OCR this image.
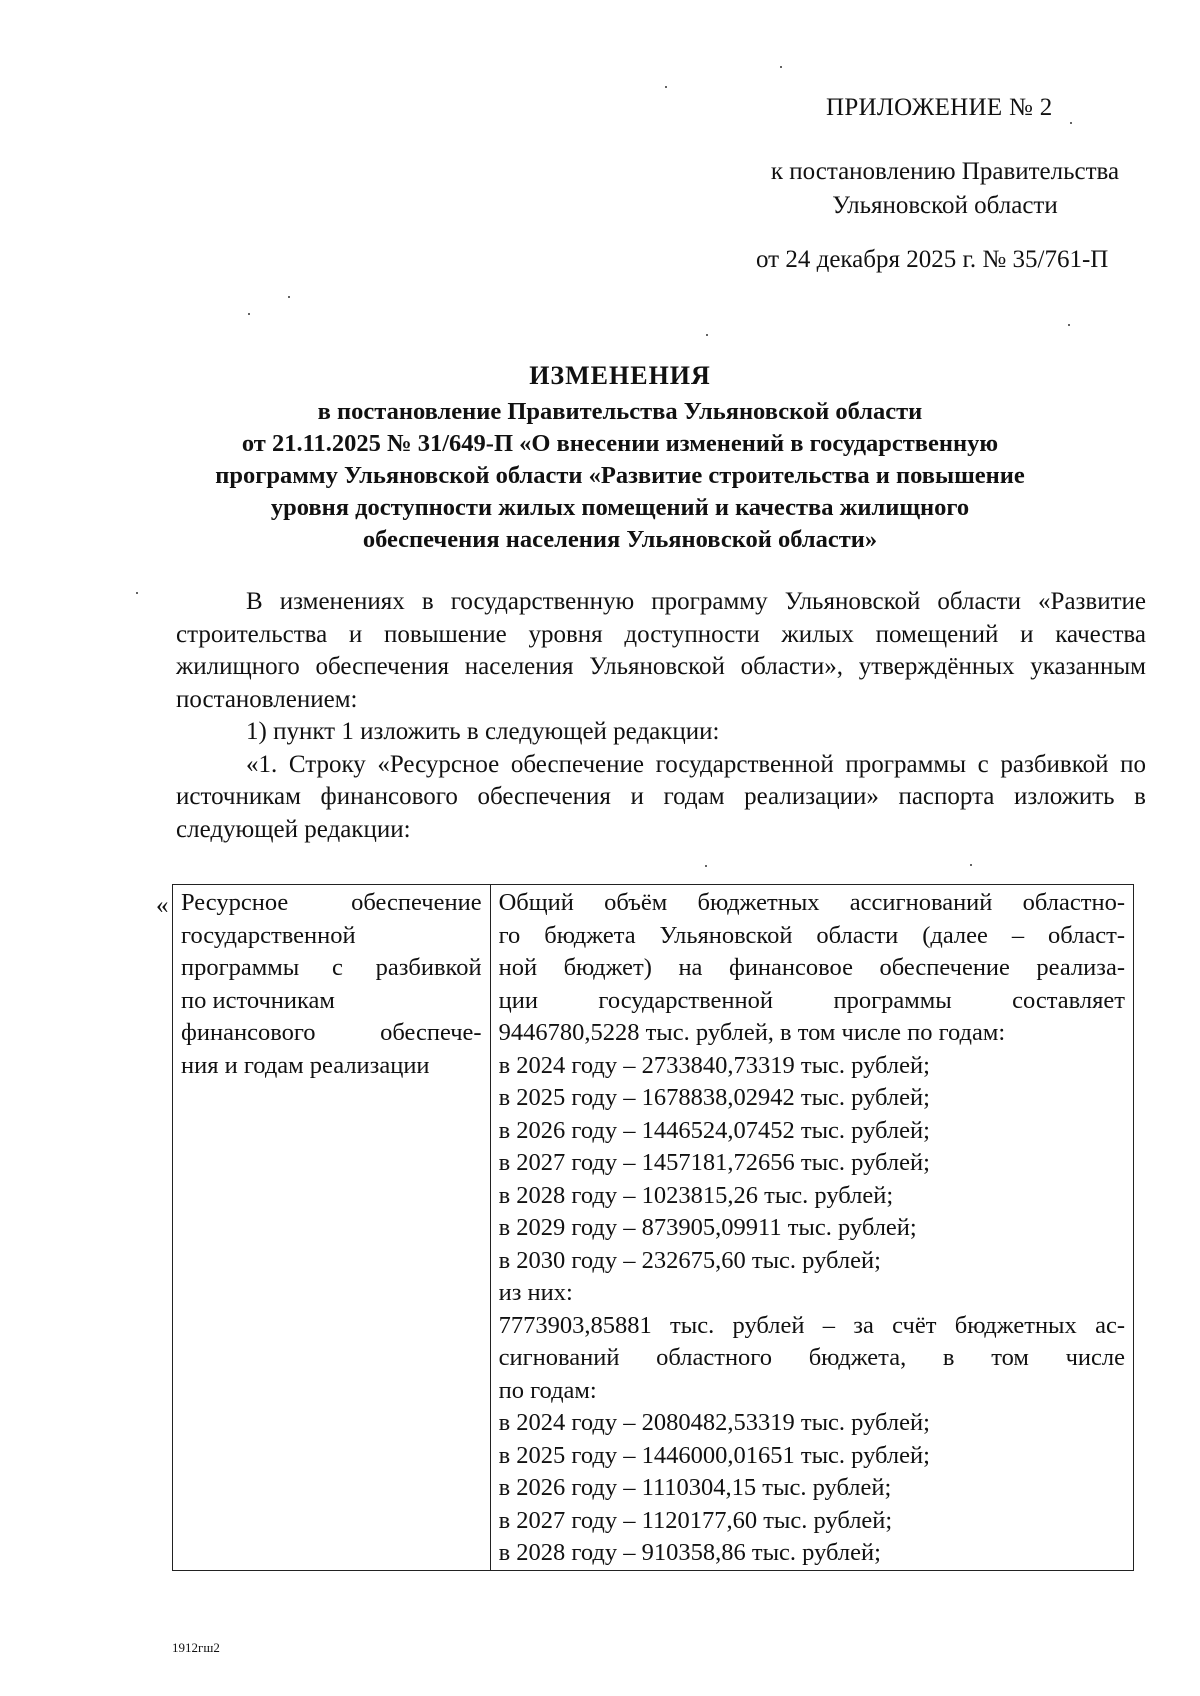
ПРИЛОЖЕНИЕ № 2
к постановлению Правительства
Ульяновской области
от 24 декабря 2025 г. № 35/761-П
ИЗМЕНЕНИЯ
в постановление Правительства Ульяновской области
от 21.11.2025 № 31/649-П «О внесении изменений в государственную
программу Ульяновской области «Развитие строительства и повышение
уровня доступности жилых помещений и качества жилищного
обеспечения населения Ульяновской области»

В изменениях в государственную программу Ульяновской области «Развитие строительства и повышение уровня доступности жилых помещений и качества жилищного обеспечения населения Ульяновской области», утверждённых указанным постановлением:

1) пункт 1 изложить в следующей редакции:

«1. Строку «Ресурсное обеспечение государственной программы с разбивкой по источникам финансового обеспечения и годам реализации» паспорта изложить в следующей редакции:

« Ресурсное обеспечение
государственной
программы с разбивкой
по источникам
финансового обеспече-
ния и годам реализации

Общий объём бюджетных ассигнований областно-
го бюджета Ульяновской области (далее – област-
ной бюджет) на финансовое обеспечение реализа-
ции государственной программы составляет
9446780,5228 тыс. рублей, в том числе по годам:
в 2024 году – 2733840,73319 тыс. рублей;
в 2025 году – 1678838,02942 тыс. рублей;
в 2026 году – 1446524,07452 тыс. рублей;
в 2027 году – 1457181,72656 тыс. рублей;
в 2028 году – 1023815,26 тыс. рублей;
в 2029 году – 873905,09911 тыс. рублей;
в 2030 году – 232675,60 тыс. рублей;
из них:
7773903,85881 тыс. рублей – за счёт бюджетных ас-
сигнований областного бюджета, в том числе
по годам:
в 2024 году – 2080482,53319 тыс. рублей;
в 2025 году – 1446000,01651 тыс. рублей;
в 2026 году – 1110304,15 тыс. рублей;
в 2027 году – 1120177,60 тыс. рублей;
в 2028 году – 910358,86 тыс. рублей;
1912гш2
